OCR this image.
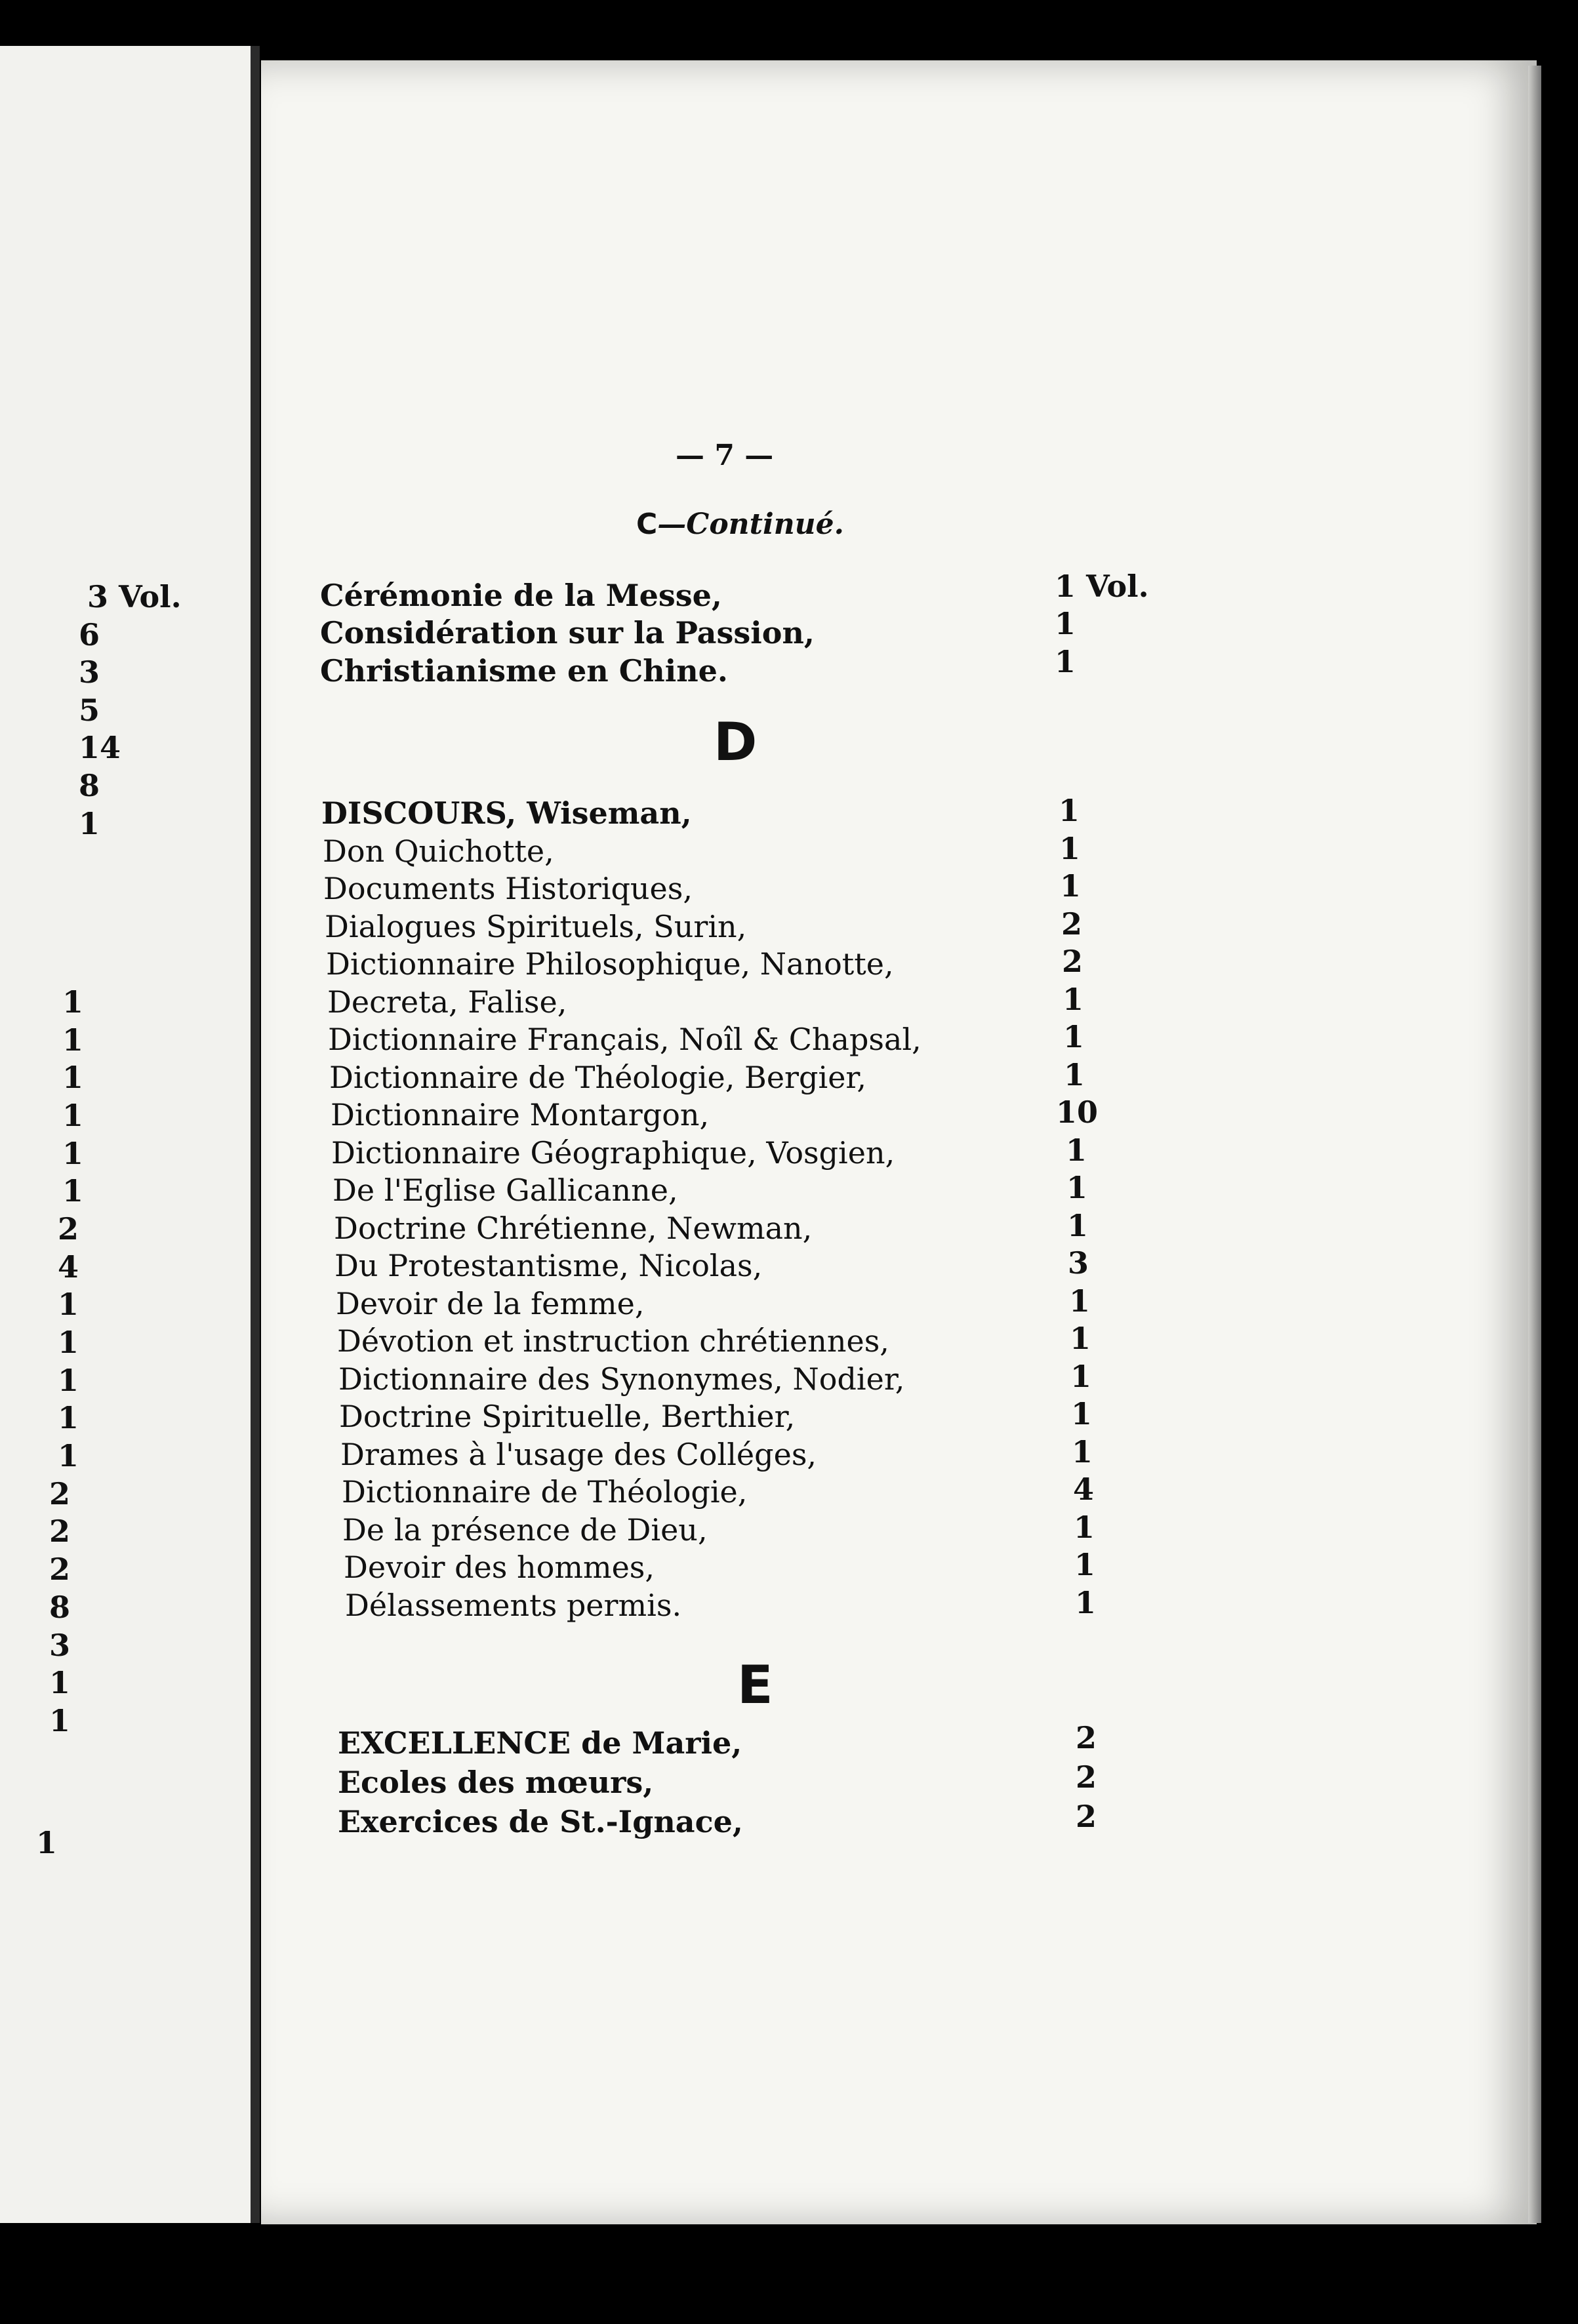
— 7 —
C—Continué.
3 Vol.
6
3
5
14
8
1
1
1
1
1
1
1
2
4
1
1
1
1
1
2
2
2
8
3
1
1
1
Cérémonie de la Messe,	1 Vol.
Considération sur la Passion,	1
Christianisme en Chine.	1
D
DISCOURS, Wiseman,	1
Don Quichotte,	1
Documents Historiques,	1
Dialogues Spirituels, Surin,	2
Dictionnaire Philosophique, Nanotte,	2
Decreta, Falise,	1
Dictionnaire Français, Noîl & Chapsal,	1
Dictionnaire de Théologie, Bergier,	1
Dictionnaire Montargon,	10
Dictionnaire Géographique, Vosgien,	1
De l'Eglise Gallicanne,	1
Doctrine Chrétienne, Newman,	1
Du Protestantisme, Nicolas,	3
Devoir de la femme,	1
Dévotion et instruction chrétiennes,	1
Dictionnaire des Synonymes, Nodier,	1
Doctrine Spirituelle, Berthier,	1
Drames à l'usage des Colléges,	1
Dictionnaire de Théologie,	4
De la présence de Dieu,	1
Devoir des hommes,	1
Délassements permis.	1
E
EXCELLENCE de Marie,	2
Ecoles des mœurs,	2
Exercices de St.-Ignace,	2
